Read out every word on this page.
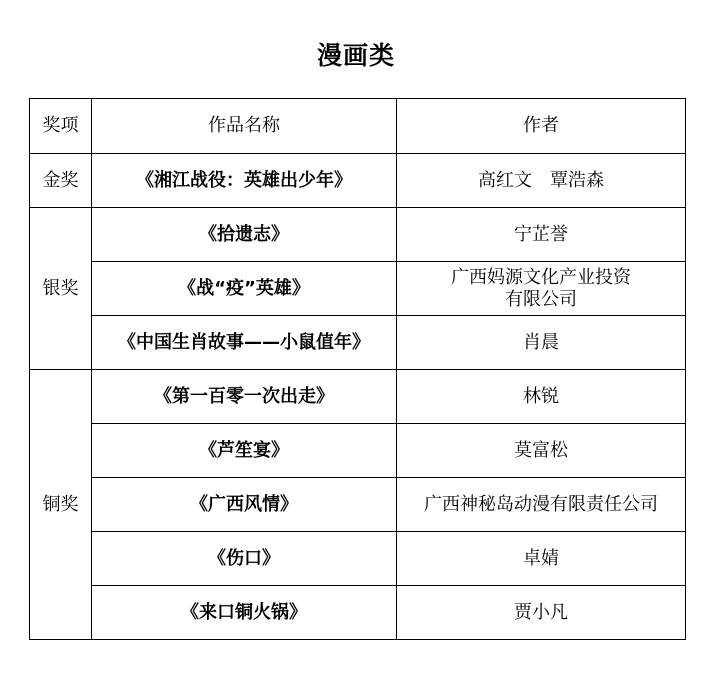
漫画类
奖项	作品名称	作者
金奖	《湘江战役：英雄出少年》	高红文　覃浩森
银奖	《拾遗志》	宁芷誉
	《战“疫”英雄》	广西妈源文化产业投资
有限公司

	《中国生肖故事——小鼠值年》	肖晨
铜奖	《第一百零一次出走》	林锐
	《芦笙宴》	莫富松
	《广西风情》	广西神秘岛动漫有限责任公司
	《伤口》	卓婧
	《来口铜火锅》	贾小凡
